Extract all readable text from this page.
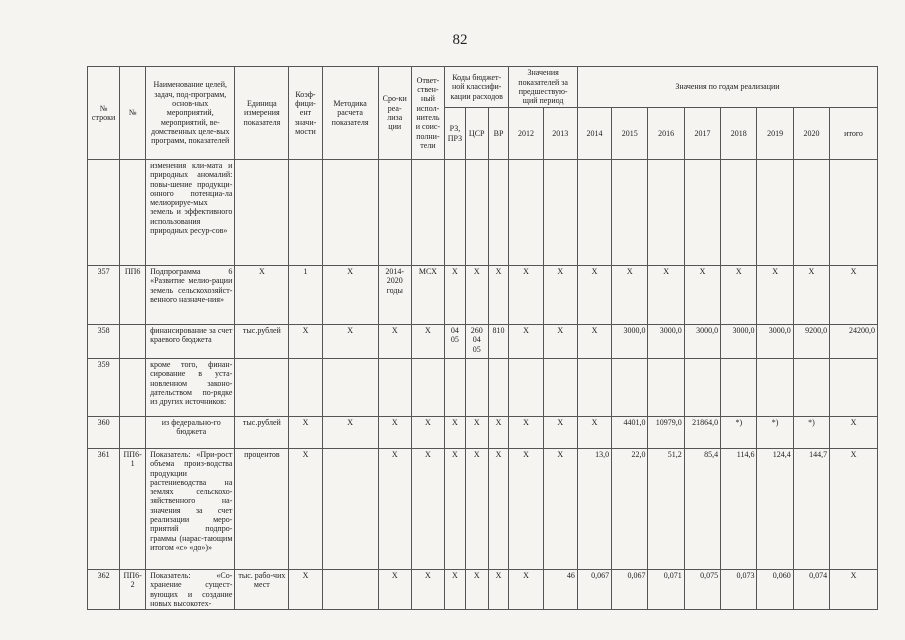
82
№ строки	№	Наименование целей, задач, под-программ, основ-ных мероприятий, мероприятий, ве-домственных целе-вых программ, показателей	Единица измерения показателя	Коэф-фици-ент значи-мости	Методика расчета показателя	Сро-ки реа-лиза ции	Ответ-ствен-ный испол-нитель и соис-полни-тели	Коды бюджет-ной классифи-кации расходов			Значения показателей за предшествую-щий период		Значения по годам реализации							
								РЗ, ПРЗ	ЦСР	ВР	2012	2013	2014	2015	2016	2017	2018	2019	2020	итого
		изменения кли-мата и природных аномалий: повы-шение продукци-онного потенциа-ла мелиорируе-мых земель и эффективного использования природных ресур-сов»																		
357	ПП6	Подпрограмма 6 «Развитие мелио-рации земель сельскохозяйст-венного назначе-ния»	X	1	X	2014-2020 годы	МСХ	X	X	X	X	X	X	X	X	X	X	X	X	X
358		финансирование за счет краевого бюджета	тыс.рублей	X	X	X	X	04 05	260 04 05	810	X	X	X	3000,0	3000,0	3000,0	3000,0	3000,0	9200,0	24200,0
359		кроме того, финан-сирование в уста-новленном законо-дательством по-рядке из других источников:																		
360		из федерально-го бюджета	тыс.рублей	X	X	X	X	X	X	X	X	X	X	4401,0	10979,0	21864,0	*)	*)	*)	X
361	ПП6-1	Показатель: «При-рост объема произ-водства продукции растениеводства на землях сельскохо-зяйственного на-значения за счет реализации меро-приятий подпро-граммы (нарас-тающим итогом «с» «до»)»	процентов	X		X	X	X	X	X	X	X	13,0	22,0	51,2	85,4	114,6	124,4	144,7	X
362	ПП6-2	Показатель: «Со-хранение сущест-вующих и создание новых высокотех-	тыс. рабо-чих мест	X		X	X	X	X	X	X	46	0,067	0,067	0,071	0,075	0,073	0,060	0,074	X
